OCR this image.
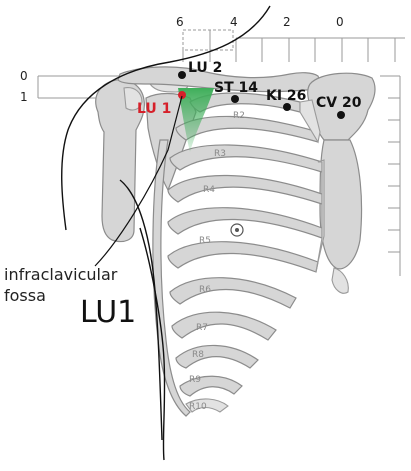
6	4	2	0
0
1
LU 2
LU 1
ST 14 KI 26 CV 20
R2
R3
R4
R5
R6
R7
R8
R9
R10
infraclavicular
fossa LU1
